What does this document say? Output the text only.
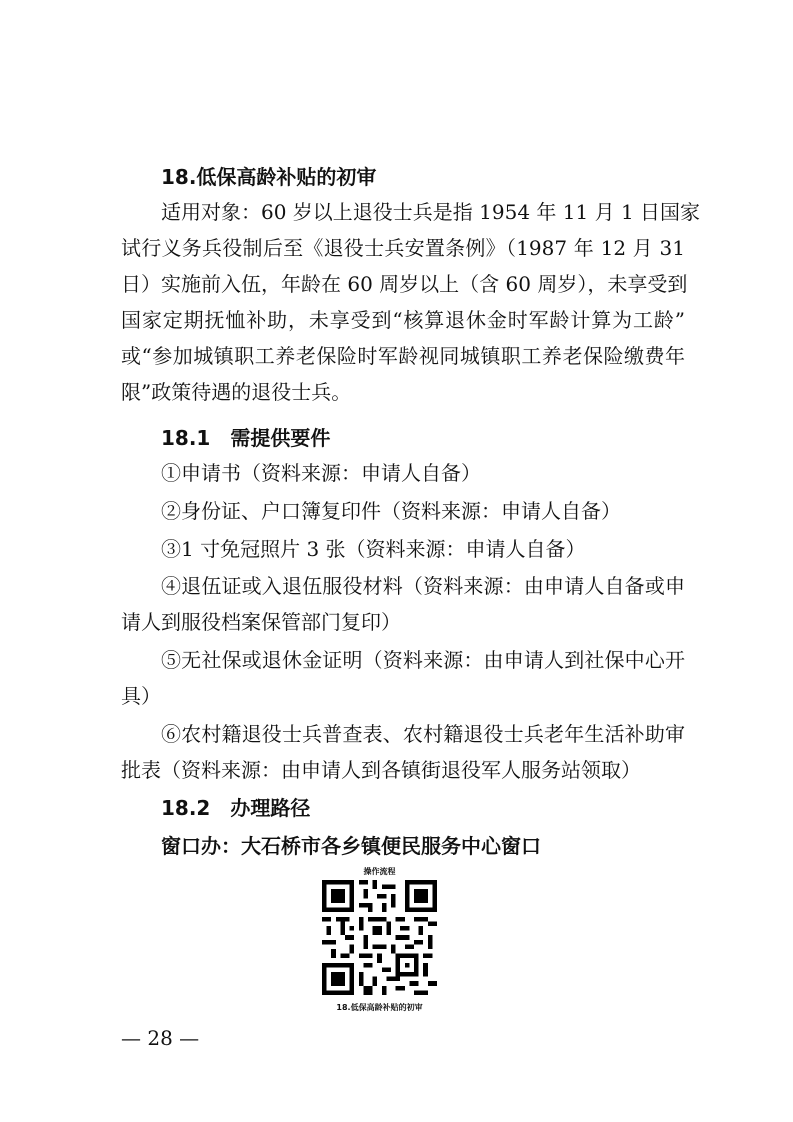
18.低保高龄补贴的初审
适用对象：60 岁以上退役士兵是指 1954 年 11 月 1 日国家
试行义务兵役制后至《退役士兵安置条例》（1987 年 12 月 31
日）实施前入伍，年龄在 60 周岁以上（含 60 周岁），未享受到
国家定期抚恤补助，未享受到“核算退休金时军龄计算为工龄”
或“参加城镇职工养老保险时军龄视同城镇职工养老保险缴费年
限”政策待遇的退役士兵。
18.1　需提供要件
①申请书（资料来源：申请人自备）
②身份证、户口簿复印件（资料来源：申请人自备）
③1 寸免冠照片 3 张（资料来源：申请人自备）
④退伍证或入退伍服役材料（资料来源：由申请人自备或申
请人到服役档案保管部门复印）
⑤无社保或退休金证明（资料来源：由申请人到社保中心开
具）
⑥农村籍退役士兵普查表、农村籍退役士兵老年生活补助审
批表（资料来源：由申请人到各镇街退役军人服务站领取）
18.2　办理路径
窗口办：大石桥市各乡镇便民服务中心窗口
操作流程
18.低保高龄补贴的初审
— 28 —
